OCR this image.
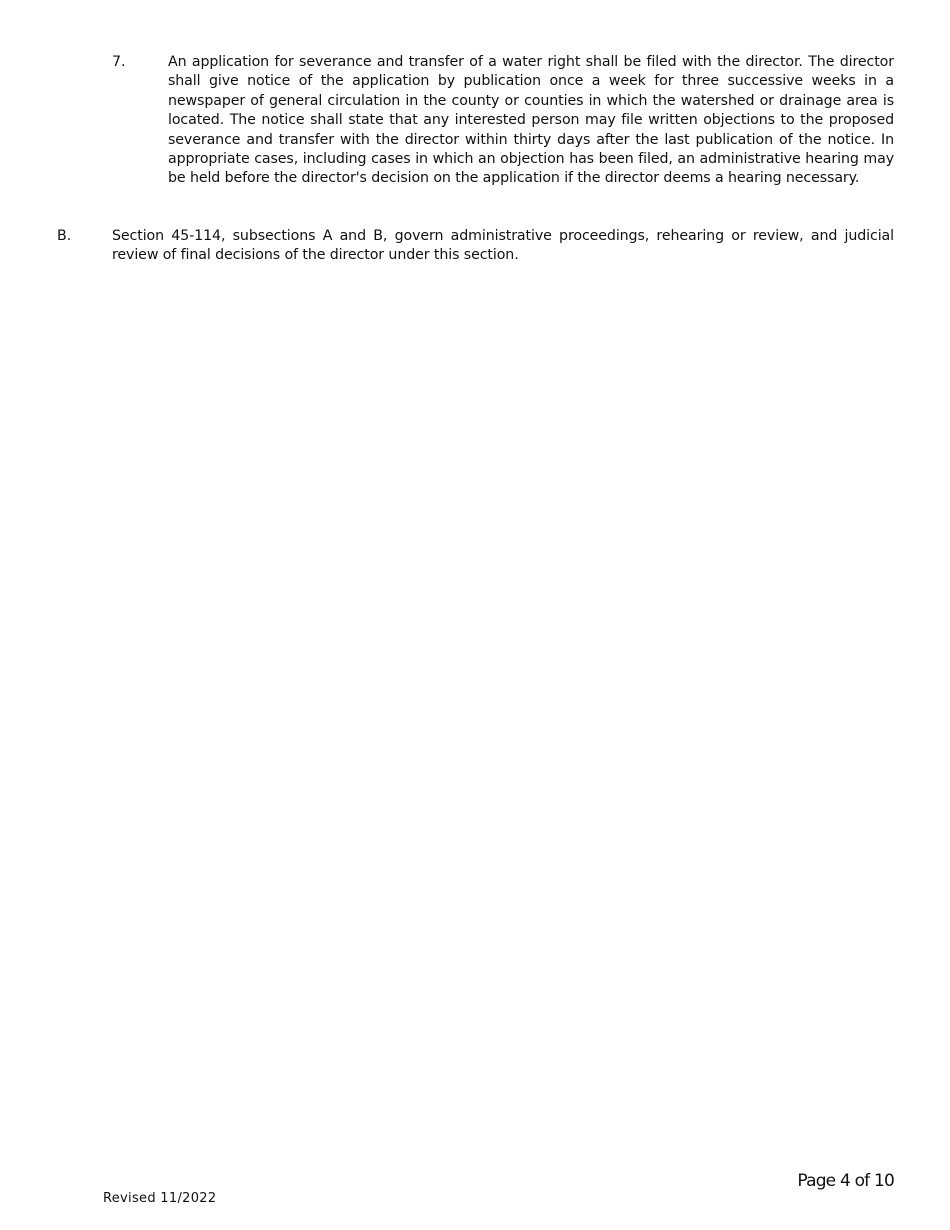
7.	An application for severance and transfer of a water right shall be filed with the director. The director shall give notice of the application by publication once a week for three successive weeks in a newspaper of general circulation in the county or counties in which the watershed or drainage area is located. The notice shall state that any interested person may file written objections to the proposed severance and transfer with the director within thirty days after the last publication of the notice. In appropriate cases, including cases in which an objection has been filed, an administrative hearing may be held before the director's decision on the application if the director deems a hearing necessary.
B.	Section 45-114, subsections A and B, govern administrative proceedings, rehearing or review, and judicial review of final decisions of the director under this section.
Page 4 of 10
Revised 11/2022
